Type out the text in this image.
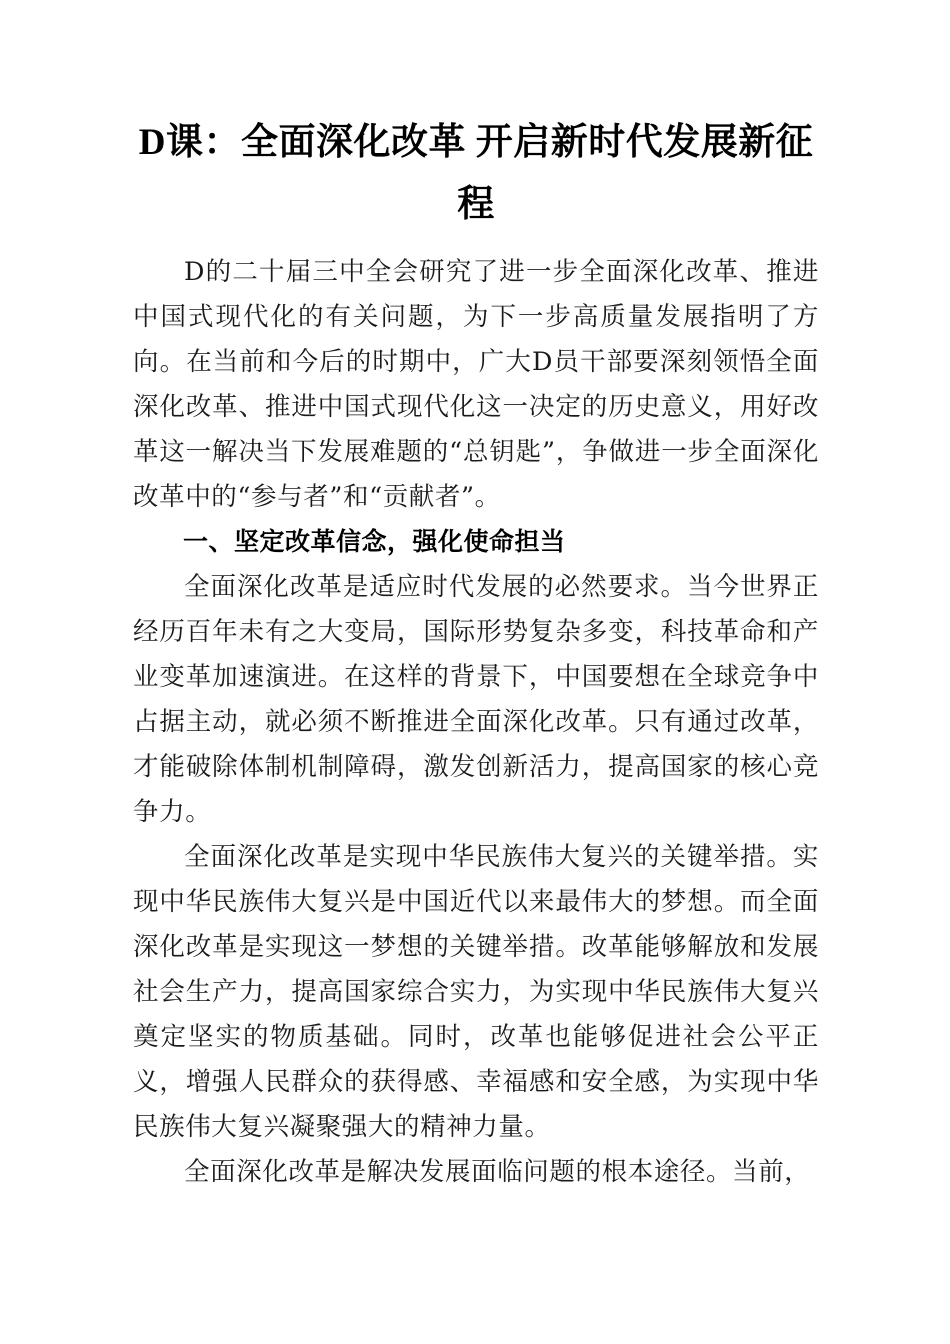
D课：全面深化改革 开启新时代发展新征程

D的二十届三中全会研究了进一步全面深化改革、推进中国式现代化的有关问题，为下一步高质量发展指明了方向。在当前和今后的时期中，广大D员干部要深刻领悟全面深化改革、推进中国式现代化这一决定的历史意义，用好改革这一解决当下发展难题的“总钥匙”，争做进一步全面深化改革中的“参与者”和“贡献者”。

一、坚定改革信念，强化使命担当

全面深化改革是适应时代发展的必然要求。当今世界正经历百年未有之大变局，国际形势复杂多变，科技革命和产业变革加速演进。在这样的背景下，中国要想在全球竞争中占据主动，就必须不断推进全面深化改革。只有通过改革，才能破除体制机制障碍，激发创新活力，提高国家的核心竞争力。

全面深化改革是实现中华民族伟大复兴的关键举措。实现中华民族伟大复兴是中国近代以来最伟大的梦想。而全面深化改革是实现这一梦想的关键举措。改革能够解放和发展社会生产力，提高国家综合实力，为实现中华民族伟大复兴奠定坚实的物质基础。同时，改革也能够促进社会公平正义，增强人民群众的获得感、幸福感和安全感，为实现中华民族伟大复兴凝聚强大的精神力量。

全面深化改革是解决发展面临问题的根本途径。当前，
